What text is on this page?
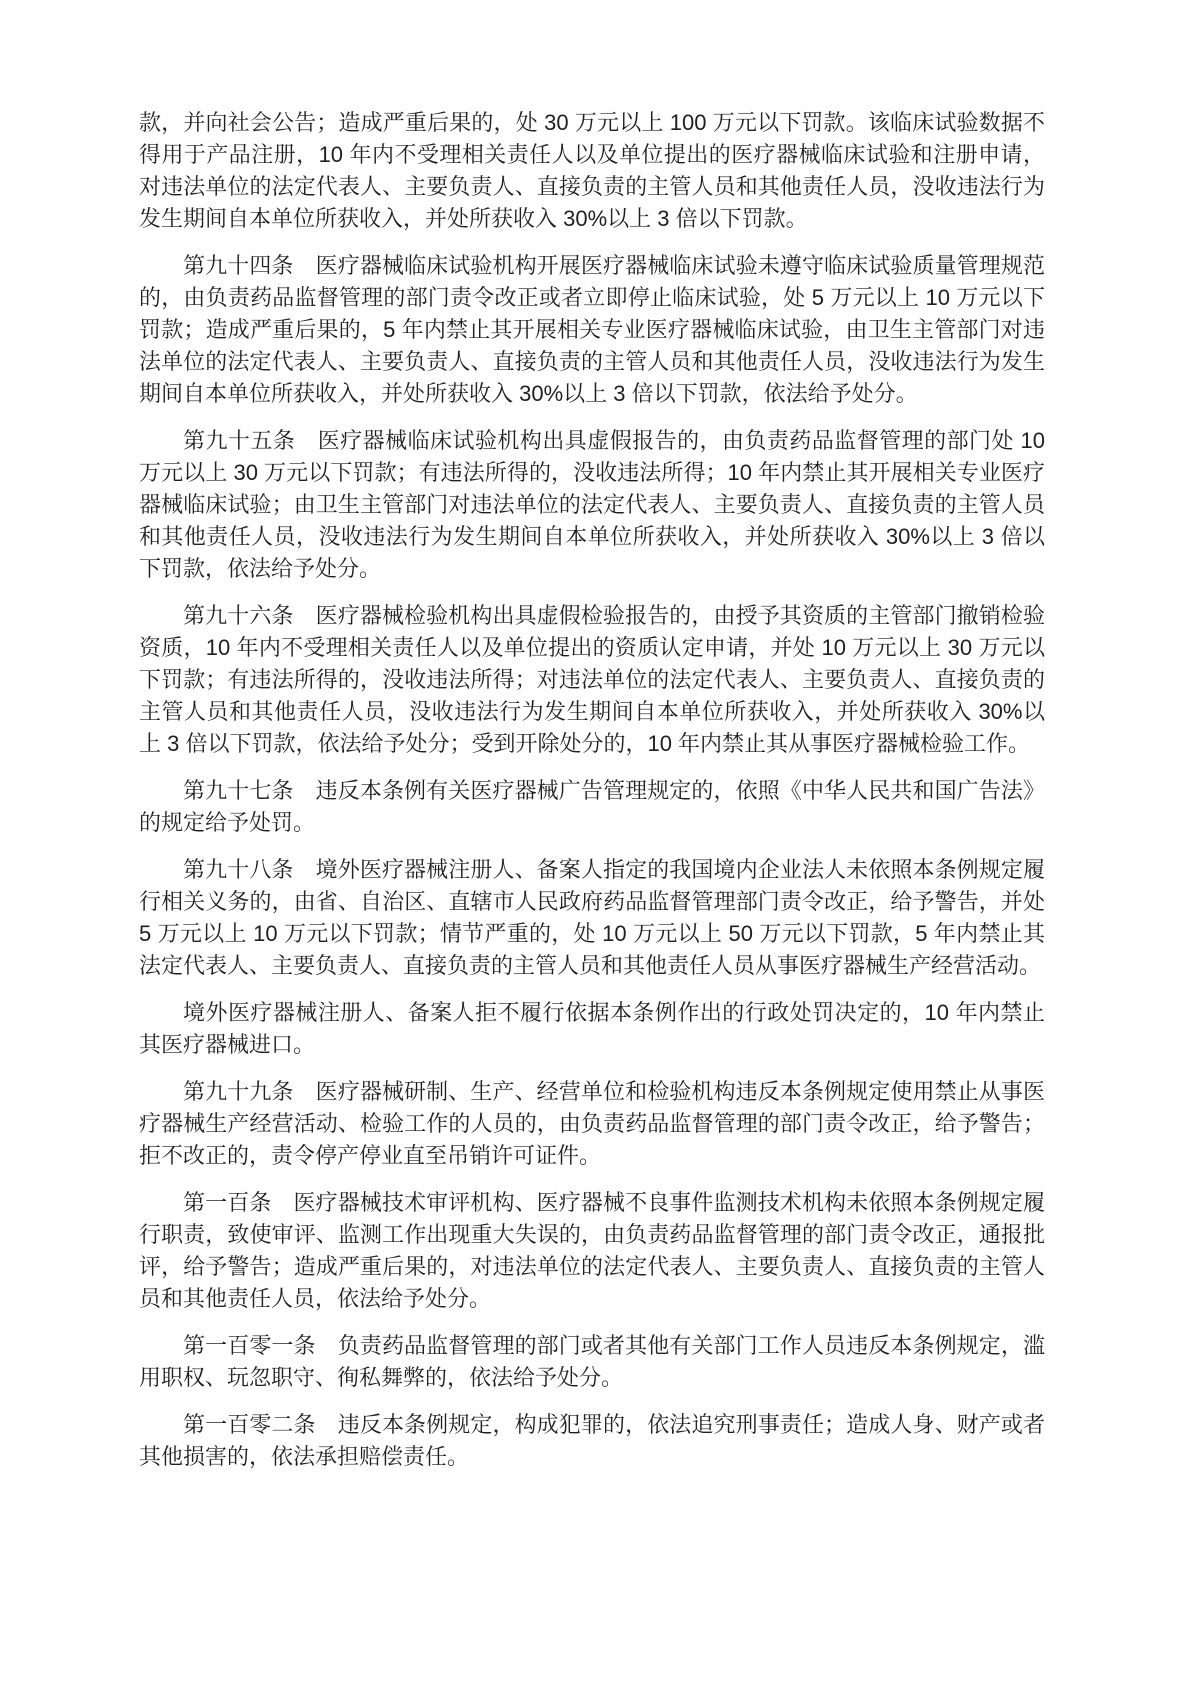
款，并向社会公告；造成严重后果的，处 30 万元以上 100 万元以下罚款。该临床试验数据不得用于产品注册，10 年内不受理相关责任人以及单位提出的医疗器械临床试验和注册申请，对违法单位的法定代表人、主要负责人、直接负责的主管人员和其他责任人员，没收违法行为发生期间自本单位所获收入，并处所获收入 30%以上 3 倍以下罚款。

第九十四条　医疗器械临床试验机构开展医疗器械临床试验未遵守临床试验质量管理规范的，由负责药品监督管理的部门责令改正或者立即停止临床试验，处 5 万元以上 10 万元以下罚款；造成严重后果的，5 年内禁止其开展相关专业医疗器械临床试验，由卫生主管部门对违法单位的法定代表人、主要负责人、直接负责的主管人员和其他责任人员，没收违法行为发生期间自本单位所获收入，并处所获收入 30%以上 3 倍以下罚款，依法给予处分。

第九十五条　医疗器械临床试验机构出具虚假报告的，由负责药品监督管理的部门处 10 万元以上 30 万元以下罚款；有违法所得的，没收违法所得；10 年内禁止其开展相关专业医疗器械临床试验；由卫生主管部门对违法单位的法定代表人、主要负责人、直接负责的主管人员和其他责任人员，没收违法行为发生期间自本单位所获收入，并处所获收入 30%以上 3 倍以下罚款，依法给予处分。

第九十六条　医疗器械检验机构出具虚假检验报告的，由授予其资质的主管部门撤销检验资质，10 年内不受理相关责任人以及单位提出的资质认定申请，并处 10 万元以上 30 万元以下罚款；有违法所得的，没收违法所得；对违法单位的法定代表人、主要负责人、直接负责的主管人员和其他责任人员，没收违法行为发生期间自本单位所获收入，并处所获收入 30%以上 3 倍以下罚款，依法给予处分；受到开除处分的，10 年内禁止其从事医疗器械检验工作。

第九十七条　违反本条例有关医疗器械广告管理规定的，依照《中华人民共和国广告法》的规定给予处罚。

第九十八条　境外医疗器械注册人、备案人指定的我国境内企业法人未依照本条例规定履行相关义务的，由省、自治区、直辖市人民政府药品监督管理部门责令改正，给予警告，并处 5 万元以上 10 万元以下罚款；情节严重的，处 10 万元以上 50 万元以下罚款，5 年内禁止其法定代表人、主要负责人、直接负责的主管人员和其他责任人员从事医疗器械生产经营活动。

境外医疗器械注册人、备案人拒不履行依据本条例作出的行政处罚决定的，10 年内禁止其医疗器械进口。

第九十九条　医疗器械研制、生产、经营单位和检验机构违反本条例规定使用禁止从事医疗器械生产经营活动、检验工作的人员的，由负责药品监督管理的部门责令改正，给予警告；拒不改正的，责令停产停业直至吊销许可证件。

第一百条　医疗器械技术审评机构、医疗器械不良事件监测技术机构未依照本条例规定履行职责，致使审评、监测工作出现重大失误的，由负责药品监督管理的部门责令改正，通报批评，给予警告；造成严重后果的，对违法单位的法定代表人、主要负责人、直接负责的主管人员和其他责任人员，依法给予处分。

第一百零一条　负责药品监督管理的部门或者其他有关部门工作人员违反本条例规定，滥用职权、玩忽职守、徇私舞弊的，依法给予处分。

第一百零二条　违反本条例规定，构成犯罪的，依法追究刑事责任；造成人身、财产或者其他损害的，依法承担赔偿责任。
